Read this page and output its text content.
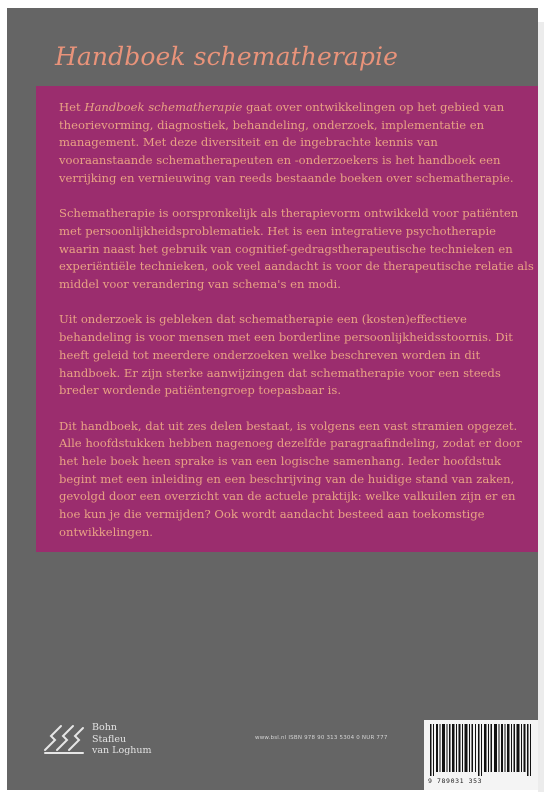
Handboek schematherapie

Het Handboek schematherapie gaat over ontwikkelingen op het gebied van theorievorming, diagnostiek, behandeling, onderzoek, implementatie en management. Met deze diversiteit en de ingebrachte kennis van vooraanstaande schematherapeuten en -onderzoekers is het handboek een verrijking en vernieuwing van reeds bestaande boeken over schematherapie.

Schematherapie is oorspronkelijk als therapievorm ontwikkeld voor patiënten met persoonlijkheidsproblematiek. Het is een integratieve psychotherapie waarin naast het gebruik van cognitief-gedragstherapeutische technieken en experiëntiële technieken, ook veel aandacht is voor de therapeutische relatie als middel voor verandering van schema's en modi.

Uit onderzoek is gebleken dat schematherapie een (kosten)effectieve behandeling is voor mensen met een borderline persoonlijkheidsstoornis. Dit heeft geleid tot meerdere onderzoeken welke beschreven worden in dit handboek. Er zijn sterke aanwijzingen dat schematherapie voor een steeds breder wordende patiëntengroep toepasbaar is.

Dit handboek, dat uit zes delen bestaat, is volgens een vast stramien opgezet. Alle hoofdstukken hebben nagenoeg dezelfde paragraafindeling, zodat er door het hele boek heen sprake is van een logische samenhang. Ieder hoofdstuk begint met een inleiding en een beschrijving van de huidige stand van zaken, gevolgd door een overzicht van de actuele praktijk: welke valkuilen zijn er en hoe kun je die vermijden? Ook wordt aandacht besteed aan toekomstige ontwikkelingen.

Bohn
Stafleu
van Loghum
www.bsl.nl ISBN 978 90 313 5304 0 NUR 777
9 789031 353
